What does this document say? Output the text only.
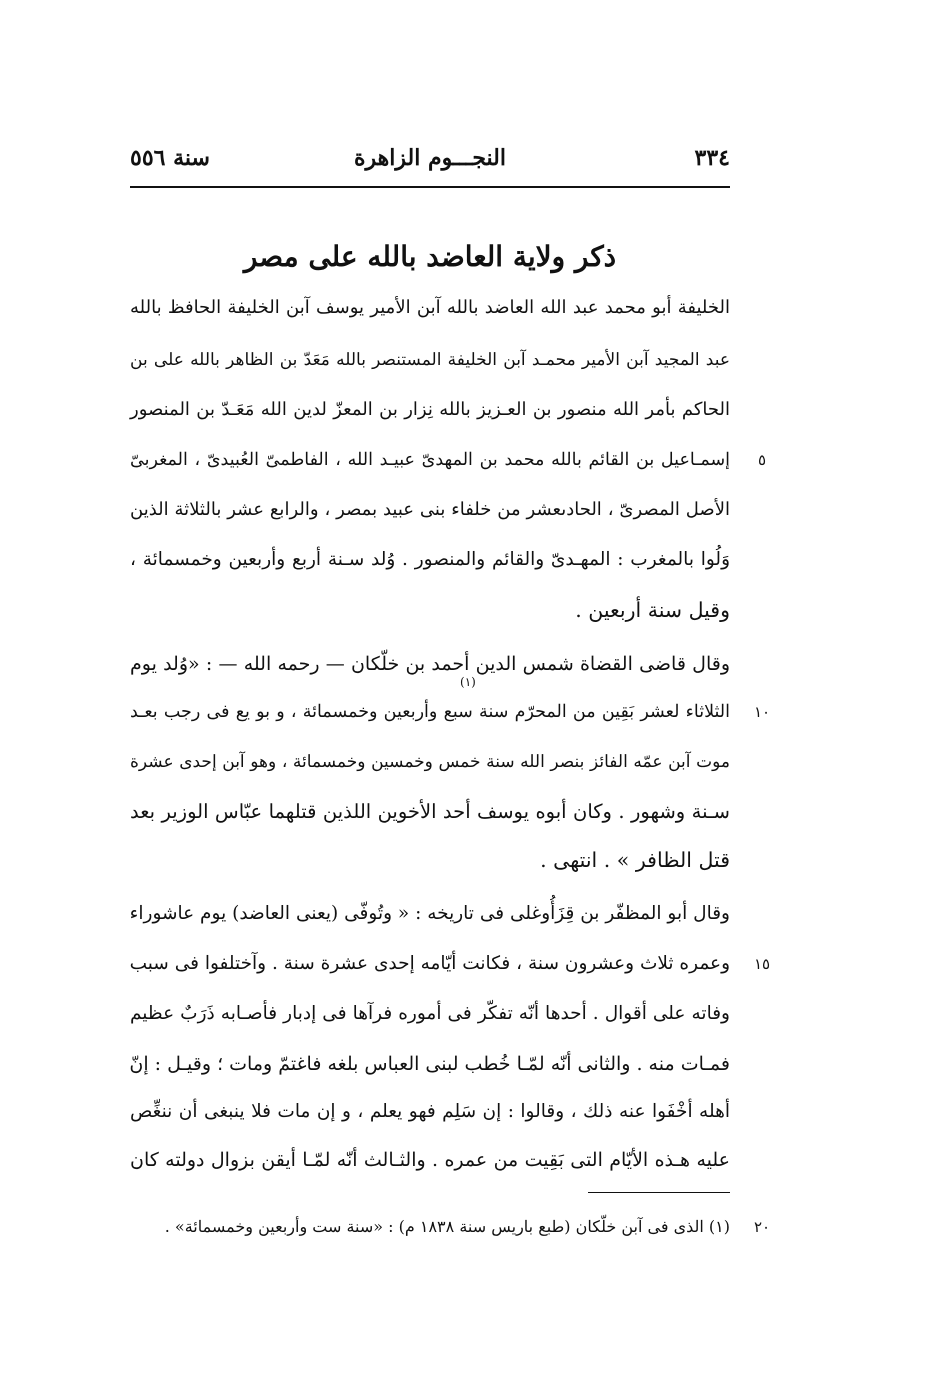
٣٣٤
النجـــوم الزاهرة
سنة ٥٥٦
ذكر ولاية العاضد بالله على مصر
الخليفة أبو محمد عبد الله العاضد بالله آبن الأمير يوسف آبن الخليفة الحافظ بالله
عبد المجيد آبن الأمير محمـد آبن الخليفة المستنصر بالله مَعَدّ بن الظاهر بالله على بن
الحاكم بأمر الله منصور بن العـزيز بالله نِزار بن المعزّ لدين الله مَعَـدّ بن المنصور
إسمـاعيل بن القائم بالله محمد بن المهدىّ عبيـد الله ، الفاطمىّ العُبيدىّ ، المغربىّ
الأصل المصرىّ ، الحادىعشر من خلفاء بنى عبيد بمصر ، والرابع عشر بالثلاثة الذين
وَلُوا بالمغرب : المهـدىّ والقائم والمنصور . وُلد سـنة أربع وأربعين وخمسمائة ،
وقيل سنة أربعين .
وقال قاضى القضاة شمس الدين أحمد بن خلّكان — رحمه الله — : «وُلد يوم
الثلاثاء لعشر بَقِين من المحرّم سنة سبع وأربعين وخمسمائة ، و بو يع فى رجب بعـد
موت آبن عمّه الفائز بنصر الله سنة خمس وخمسين وخمسمائة ، وهو آبن إحدى عشرة
سـنة وشهور . وكان أبوه يوسف أحد الأخوين اللذين قتلهما عبّاس الوزير بعد
قتل الظافر » . انتهى .
وقال أبو المظفّر بن قِزَأُوغلى فى تاريخه : « وتُوفّى (يعنى العاضد) يوم عاشوراء
وعمره ثلاث وعشرون سنة ، فكانت أيّامه إحدى عشرة سنة . وآختلفوا فى سبب
وفاته على أقوال . أحدها أنّه تفكّر فى أموره فرآها فى إدبار فأصـابه ذَرَبٌ عظيم
فمـات منه . والثانى أنّه لمّـا خُطب لبنى العباس بلغه فاغتمّ ومات ؛ وقيـل : إنّ
أهله أخْفَوا عنه ذلك ، وقالوا : إن سَلِم فهو يعلم ، و إن مات فلا ينبغى أن ننغِّص
عليه هـذه الأيّام التى بَقِيت من عمره . والثـالث أنّه لمّـا أيقن بزوال دولته كان
(١)
٥
١٠
١٥
٢٠
(١) الذى فى آبن خلّكان (طبع باريس سنة ١٨٣٨ م) : «سنة ست وأربعين وخمسمائة» .
